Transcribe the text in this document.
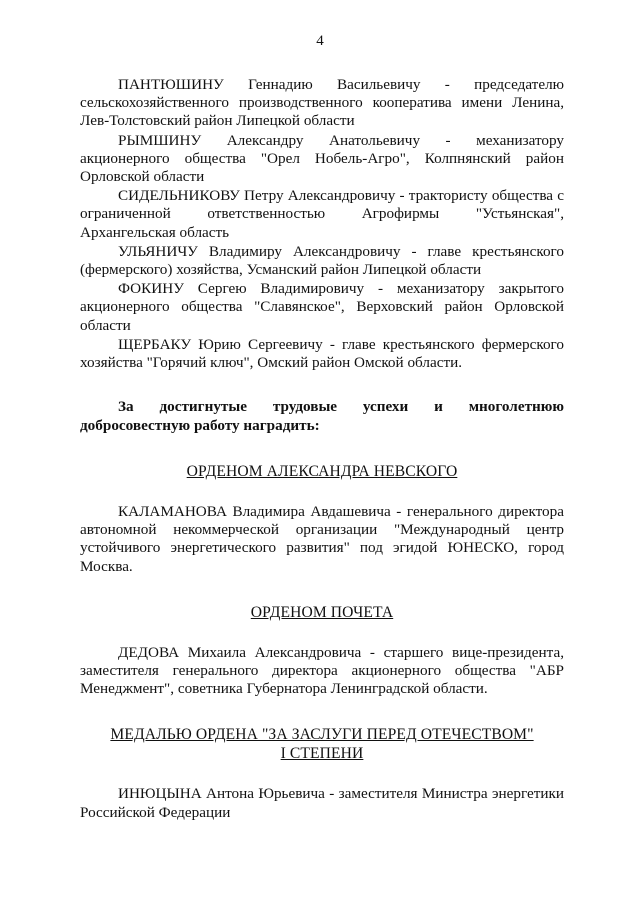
4

ПАНТЮШИНУ Геннадию Васильевичу - председателю сельскохозяйственного производственного кооператива имени Ленина, Лев-Толстовский район Липецкой области

РЫМШИНУ Александру Анатольевичу - механизатору акционерного общества "Орел Нобель-Агро", Колпнянский район Орловской области

СИДЕЛЬНИКОВУ Петру Александровичу - трактористу общества с ограниченной ответственностью Агрофирмы "Устьянская", Архангельская область

УЛЬЯНИЧУ Владимиру Александровичу - главе крестьянского (фермерского) хозяйства, Усманский район Липецкой области

ФОКИНУ Сергею Владимировичу - механизатору закрытого акционерного общества "Славянское", Верховский район Орловской области

ЩЕРБАКУ Юрию Сергеевичу - главе крестьянского фермерского хозяйства "Горячий ключ", Омский район Омской области.

За достигнутые трудовые успехи и многолетнюю добросовестную работу наградить:

ОРДЕНОМ АЛЕКСАНДРА НЕВСКОГО

КАЛАМАНОВА Владимира Авдашевича - генерального директора автономной некоммерческой организации "Международный центр устойчивого энергетического развития" под эгидой ЮНЕСКО, город Москва.

ОРДЕНОМ ПОЧЕТА

ДЕДОВА Михаила Александровича - старшего вице-президента, заместителя генерального директора акционерного общества "АБР Менеджмент", советника Губернатора Ленинградской области.

МЕДАЛЬЮ ОРДЕНА "ЗА ЗАСЛУГИ ПЕРЕД ОТЕЧЕСТВОМ"
I СТЕПЕНИ

ИНЮЦЫНА Антона Юрьевича - заместителя Министра энергетики Российской Федерации
